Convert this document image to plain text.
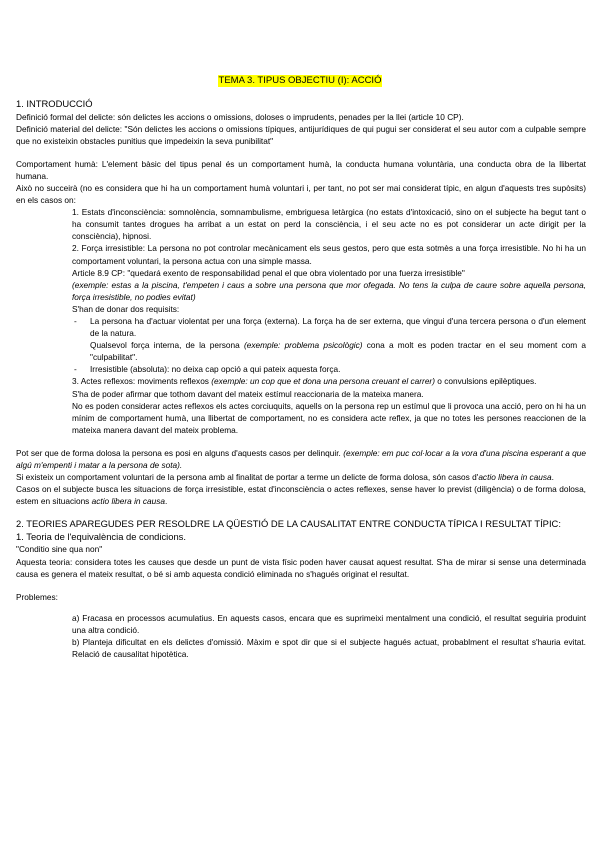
TEMA 3. TIPUS OBJECTIU (I): ACCIÓ

1. INTRODUCCIÓ

Definició formal del delicte: són delictes les accions o omissions, doloses o imprudents, penades per la llei (article 10 CP).

Definició material del delicte: "Són delictes les accions o omissions típiques, antijurídiques de qui pugui ser considerat el seu autor com a culpable sempre que no existeixin obstacles punitius que impedeixin la seva punibilitat"

Comportament humà: L'element bàsic del tipus penal és un comportament humà, la conducta humana voluntària, una conducta obra de la llibertat humana.

Això no succeirà (no es considera que hi ha un comportament humà voluntari i, per tant, no pot ser mai considerat típic, en algun d'aquests tres supòsits) en els casos on:

1. Estats d'inconsciència: somnolència, somnambulisme, embriguesa letàrgica (no estats d'intoxicació, sino on el subjecte ha begut tant o ha consumit tantes drogues ha arribat a un estat on perd la consciència, i el seu acte no es pot considerar un acte dirigit per la consciència), hipnosi.

2. Força irresistible: La persona no pot controlar mecànicament els seus gestos, pero que esta sotmès a una força irresistible. No hi ha un comportament voluntari, la persona actua con una simple massa.

Article 8.9 CP: "quedará exento de responsabilidad penal el que obra violentado por una fuerza irresistible"

(exemple: estas a la piscina, t'empeten i caus a sobre una persona que mor ofegada. No tens la culpa de caure sobre aquella persona, força irresistible, no podies evitat)

S'han de donar dos requisits:

- La persona ha d'actuar violentat per una força (externa). La força ha de ser externa, que vingui d'una tercera persona o d'un element de la natura.

Qualsevol força interna, de la persona (exemple: problema psicològic) cona a molt es poden tractar en el seu moment com a "culpabilitat".

- Irresistible (absoluta): no deixa cap opció a qui pateix aquesta força.

3. Actes reflexos: moviments reflexos (exemple: un cop que et dona una persona creuant el carrer) o convulsions epilèptiques.

S'ha de poder afirmar que tothom davant del mateix estímul reaccionaria de la mateixa manera.

No es poden considerar actes reflexos els actes corciuquits, aquells on la persona rep un estímul que li provoca una acció, pero on hi ha un mínim de comportament humà, una llibertat de comportament, no es considera acte reflex, ja que no totes les persones reaccionen de la mateixa manera davant del mateix problema.

Pot ser que de forma dolosa la persona es posi en alguns d'aquests casos per delinquir. (exemple: em puc col·locar a la vora d'una piscina esperant a que algú m'empenti i matar a la persona de sota).

Si existeix un comportament voluntari de la persona amb al finalitat de portar a terme un delicte de forma dolosa, són casos d'actio libera in causa.

Casos on el subjecte busca les situacions de força irresistible, estat d'inconsciència o actes reflexes, sense haver lo previst (diligència) o de forma dolosa, estem en situacions actio libera in causa.

2. TEORIES APAREGUDES PER RESOLDRE LA QÜESTIÓ DE LA CAUSALITAT ENTRE CONDUCTA TÍPICA I RESULTAT TÍPIC:

1. Teoria de l'equivalència de condicions.

"Conditio sine qua non"

Aquesta teoria: considera totes les causes que desde un punt de vista físic poden haver causat aquest resultat. S'ha de mirar si sense una determinada causa es genera el mateix resultat, o bé si amb aquesta condició eliminada no s'hagués originat el resultat.

Problemes:

a) Fracasa en processos acumulatius. En aquests casos, encara que es suprimeixi mentalment una condició, el resultat seguiria produint una altra condició.

b) Planteja dificultat en els delictes d'omissió. Màxim e spot dir que si el subjecte hagués actuat, probablment el resultat s'hauria evitat. Relació de causalitat hipotètica.
